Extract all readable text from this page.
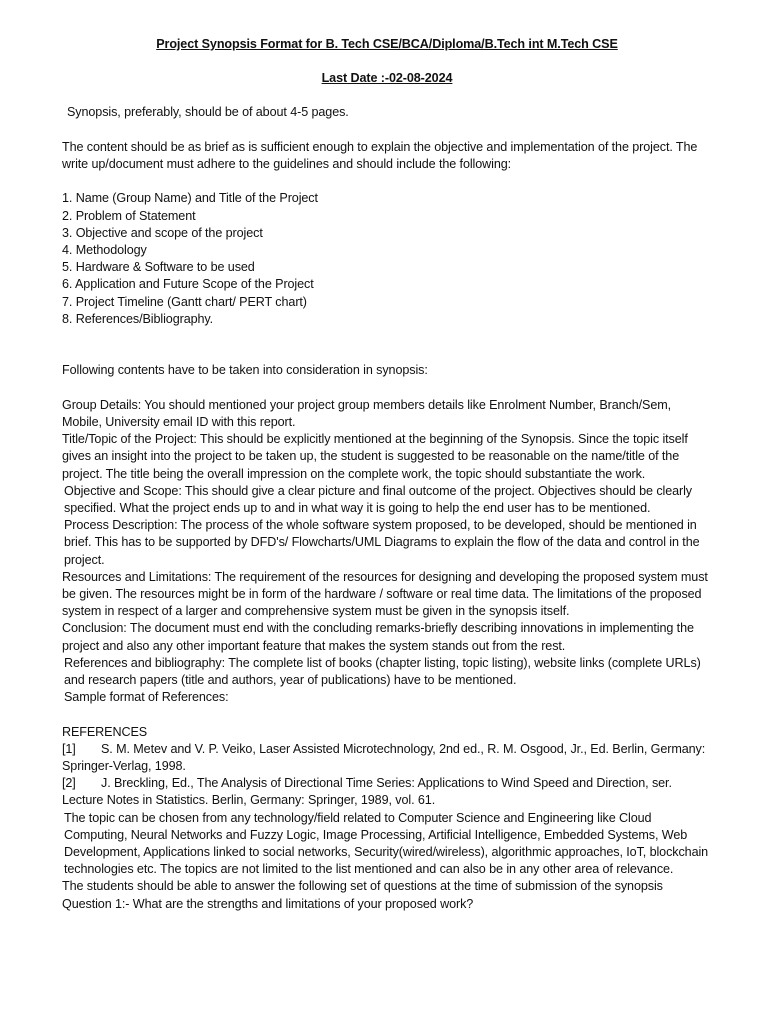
Project Synopsis Format for B. Tech CSE/BCA/Diploma/B.Tech int M.Tech CSE

Last Date :-02-08-2024

Synopsis, preferably, should be of about 4-5 pages.

The content should be as brief as is sufficient enough to explain the objective and implementation of the project. The write up/document must adhere to the guidelines and should include the following:

1. Name (Group Name) and Title of the Project
2. Problem of Statement
3. Objective and scope of the project
4. Methodology
5. Hardware & Software to be used
6. Application and Future Scope of the Project
7. Project Timeline (Gantt chart/ PERT chart)
8. References/Bibliography.

Following contents have to be taken into consideration in synopsis:

Group Details: You should mentioned your project group members details like Enrolment Number, Branch/Sem, Mobile, University email ID with this report.

Title/Topic of the Project: This should be explicitly mentioned at the beginning of the Synopsis. Since the topic itself gives an insight into the project to be taken up, the student is suggested to be reasonable on the name/title of the project. The title being the overall impression on the complete work, the topic should substantiate the work.

Objective and Scope: This should give a clear picture and final outcome of the project. Objectives should be clearly specified. What the project ends up to and in what way it is going to help the end user has to be mentioned.

Process Description: The process of the whole software system proposed, to be developed, should be mentioned in brief. This has to be supported by DFD's/ Flowcharts/UML Diagrams to explain the flow of the data and control in the project.

Resources and Limitations: The requirement of the resources for designing and developing the proposed system must be given. The resources might be in form of the hardware / software or real time data. The limitations of the proposed system in respect of a larger and comprehensive system must be given in the synopsis itself.

Conclusion: The document must end with the concluding remarks-briefly describing innovations in implementing the project and also any other important feature that makes the system stands out from the rest.

References and bibliography: The complete list of books (chapter listing, topic listing), website links (complete URLs) and research papers (title and authors, year of publications) have to be mentioned.

Sample format of References:

REFERENCES

[1] S. M. Metev and V. P. Veiko, Laser Assisted Microtechnology, 2nd ed., R. M. Osgood, Jr., Ed. Berlin, Germany: Springer-Verlag, 1998.

[2] J. Breckling, Ed., The Analysis of Directional Time Series: Applications to Wind Speed and Direction, ser. Lecture Notes in Statistics. Berlin, Germany: Springer, 1989, vol. 61.

The topic can be chosen from any technology/field related to Computer Science and Engineering like Cloud Computing, Neural Networks and Fuzzy Logic, Image Processing, Artificial Intelligence, Embedded Systems, Web Development, Applications linked to social networks, Security(wired/wireless), algorithmic approaches, IoT, blockchain technologies etc. The topics are not limited to the list mentioned and can also be in any other area of relevance.

The students should be able to answer the following set of questions at the time of submission of the synopsis

Question 1:- What are the strengths and limitations of your proposed work?
